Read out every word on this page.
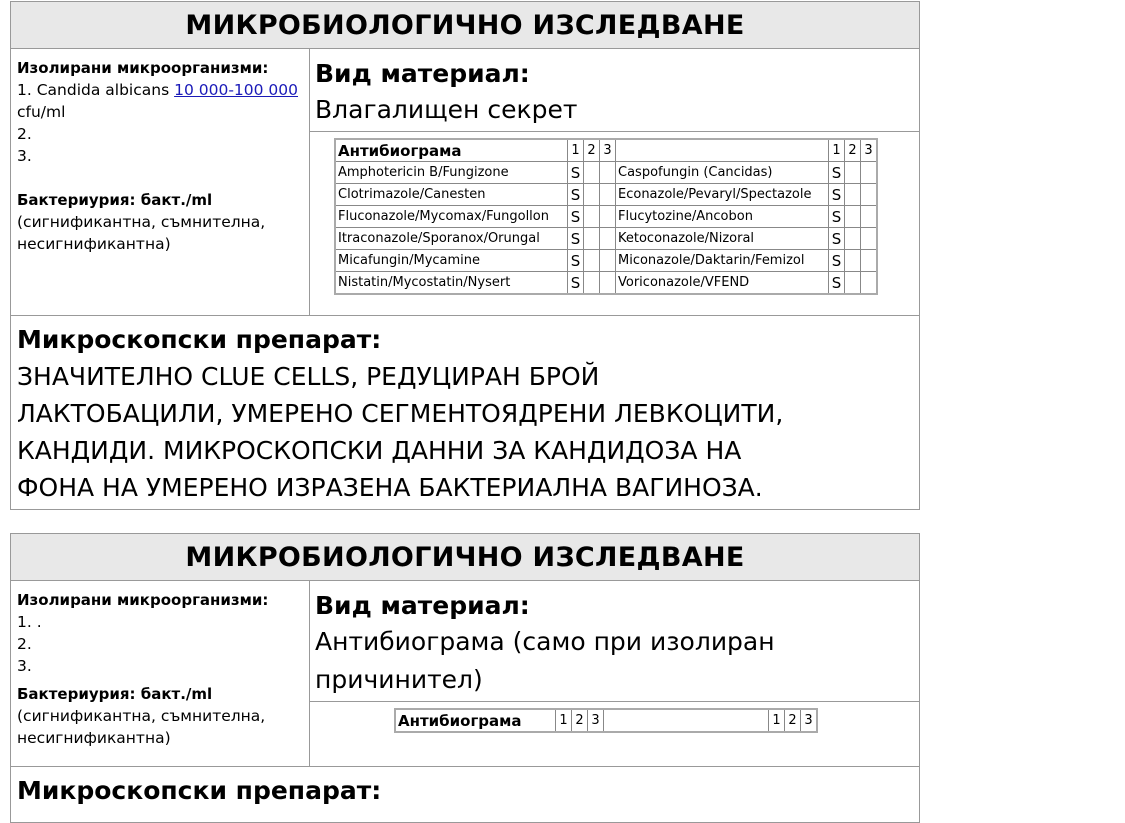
МИКРОБИОЛОГИЧНО ИЗСЛЕДВАНЕ
Изолирани микроорганизми:
1. Candida albicans 10 000-100 000 cfu/ml
2.
3.
Бактериурия: бакт./ml
(сигнификантна, съмнителна, несигнификантна)
Вид материал:
Влагалищен секрет
Антибиограма	1	2	3		1	2	3
Amphotericin B/Fungizone	S			Caspofungin (Cancidas)	S		
Clotrimazole/Canesten	S			Econazole/Pevaryl/Spectazole	S		
Fluconazole/Mycomax/Fungollon	S			Flucytozine/Ancobon	S		
Itraconazole/Sporanox/Orungal	S			Ketoconazole/Nizoral	S		
Micafungin/Mycamine	S			Miconazole/Daktarin/Femizol	S		
Nistatin/Mycostatin/Nysert	S			Voriconazole/VFEND	S		
Микроскопски препарат:
ЗНАЧИТЕЛНО CLUE CELLS, РЕДУЦИРАН БРОЙ
ЛАКТОБАЦИЛИ, УМЕРЕНО СЕГМЕНТОЯДРЕНИ ЛЕВКОЦИТИ,
КАНДИДИ. МИКРОСКОПСКИ ДАННИ ЗА КАНДИДОЗА НА
ФОНА НА УМЕРЕНО ИЗРАЗЕНА БАКТЕРИАЛНА ВАГИНОЗА.
МИКРОБИОЛОГИЧНО ИЗСЛЕДВАНЕ
Изолирани микроорганизми:
1. .
2.
3.
Бактериурия: бакт./ml
(сигнификантна, съмнителна, несигнификантна)
Вид материал:
Антибиограма (само при изолиран
причинител)
Антибиограма	1	2	3		1	2	3
Микроскопски препарат:
